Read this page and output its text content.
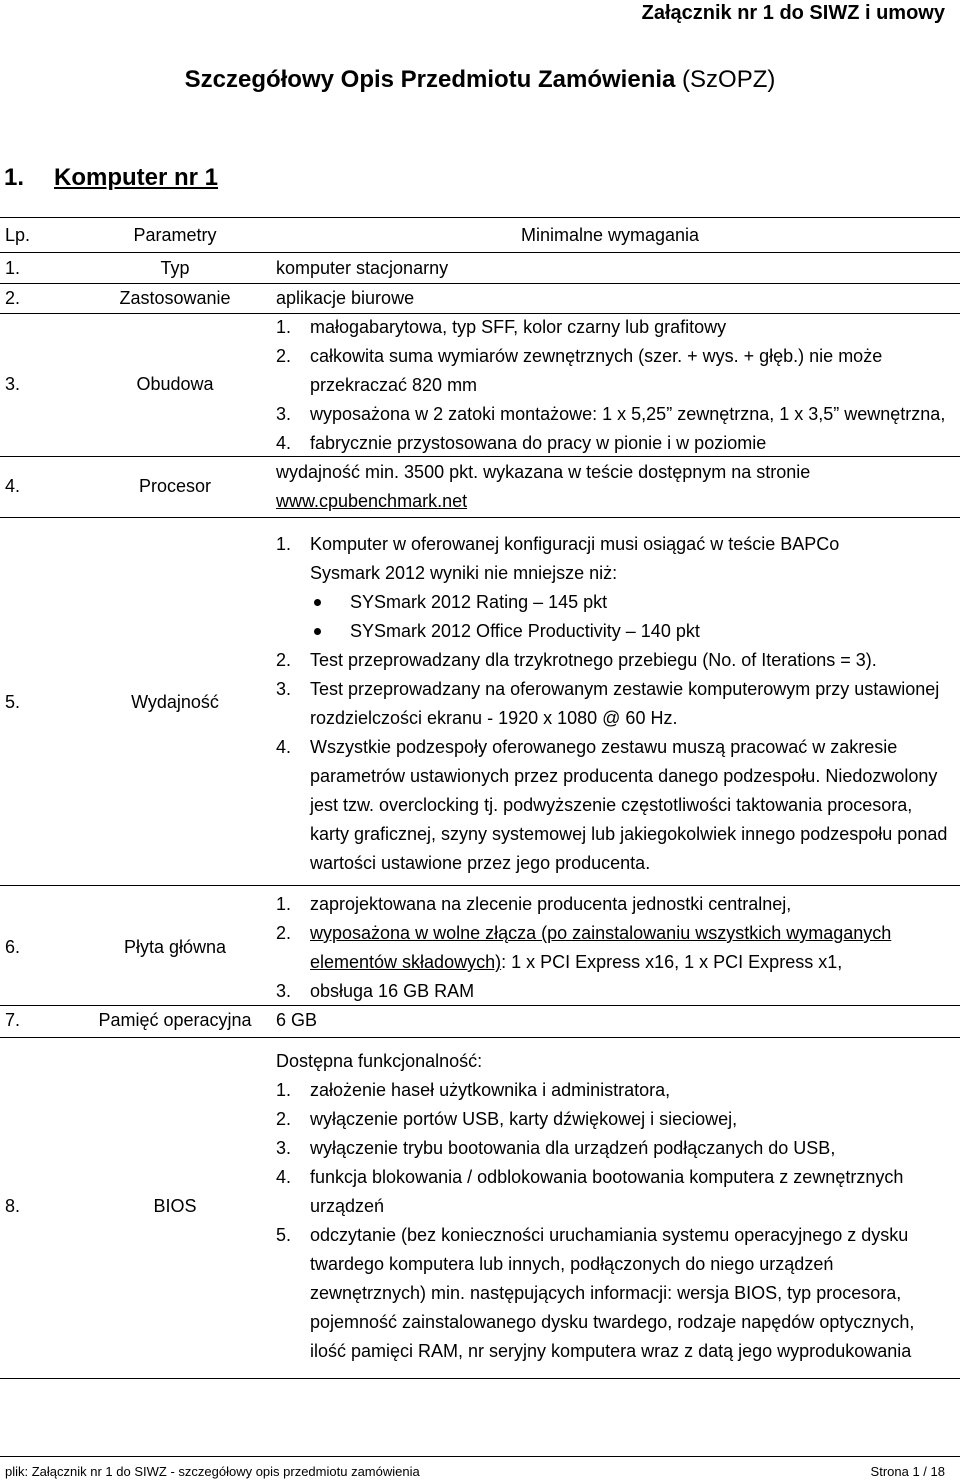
Załącznik nr 1 do SIWZ i umowy
Szczegółowy Opis Przedmiotu Zamówienia (SzOPZ)
1. Komputer nr 1
Lp.	Parametry	Minimalne wymagania
1.	Typ	komputer stacjonarny
2.	Zastosowanie	aplikacje biurowe
3.	Obudowa
1.	małogabarytowa, typ SFF, kolor czarny lub grafitowy
2.	całkowita suma wymiarów zewnętrznych (szer. + wys. + głęb.) nie może przekraczać 820 mm
3.	wyposażona w 2 zatoki montażowe: 1 x 5,25” zewnętrzna, 1 x 3,5” wewnętrzna,
4.	fabrycznie przystosowana do pracy w pionie i w poziomie
4.	Procesor
wydajność min. 3500 pkt. wykazana w teście dostępnym na stronie
www.cpubenchmark.net
5.	Wydajność
1.	Komputer w oferowanej konfiguracji musi osiągać w teście BAPCo Sysmark 2012 wyniki nie mniejsze niż:
SYSmark 2012 Rating – 145 pkt
SYSmark 2012 Office Productivity – 140 pkt
2.	Test przeprowadzany dla trzykrotnego przebiegu (No. of Iterations = 3).
3.	Test przeprowadzany na oferowanym zestawie komputerowym przy ustawionej rozdzielczości ekranu - 1920 x 1080 @ 60 Hz.
4.	Wszystkie podzespoły oferowanego zestawu muszą pracować w zakresie parametrów ustawionych przez producenta danego podzespołu. Niedozwolony jest tzw. overclocking tj. podwyższenie częstotliwości taktowania procesora, karty graficznej, szyny systemowej lub jakiegokolwiek innego podzespołu ponad wartości ustawione przez jego producenta.
6.	Płyta główna
1.	zaprojektowana na zlecenie producenta jednostki centralnej,
2.	wyposażona w wolne złącza (po zainstalowaniu wszystkich wymaganych elementów składowych): 1 x PCI Express x16, 1 x PCI Express x1,
3.	obsługa 16 GB RAM
7.	Pamięć operacyjna	6 GB
8.	BIOS
Dostępna funkcjonalność:
1.	założenie haseł użytkownika i administratora,
2.	wyłączenie portów USB, karty dźwiękowej i sieciowej,
3.	wyłączenie trybu bootowania dla urządzeń podłączanych do USB,
4.	funkcja blokowania / odblokowania bootowania komputera z zewnętrznych urządzeń
5.	odczytanie (bez konieczności uruchamiania systemu operacyjnego z dysku twardego komputera lub innych, podłączonych do niego urządzeń zewnętrznych) min. następujących informacji: wersja BIOS, typ procesora, pojemność zainstalowanego dysku twardego, rodzaje napędów optycznych, ilość pamięci RAM, nr seryjny komputera wraz z datą jego wyprodukowania
plik: Załącznik nr 1 do SIWZ - szczegółowy opis przedmiotu zamówienia	Strona 1 / 18
